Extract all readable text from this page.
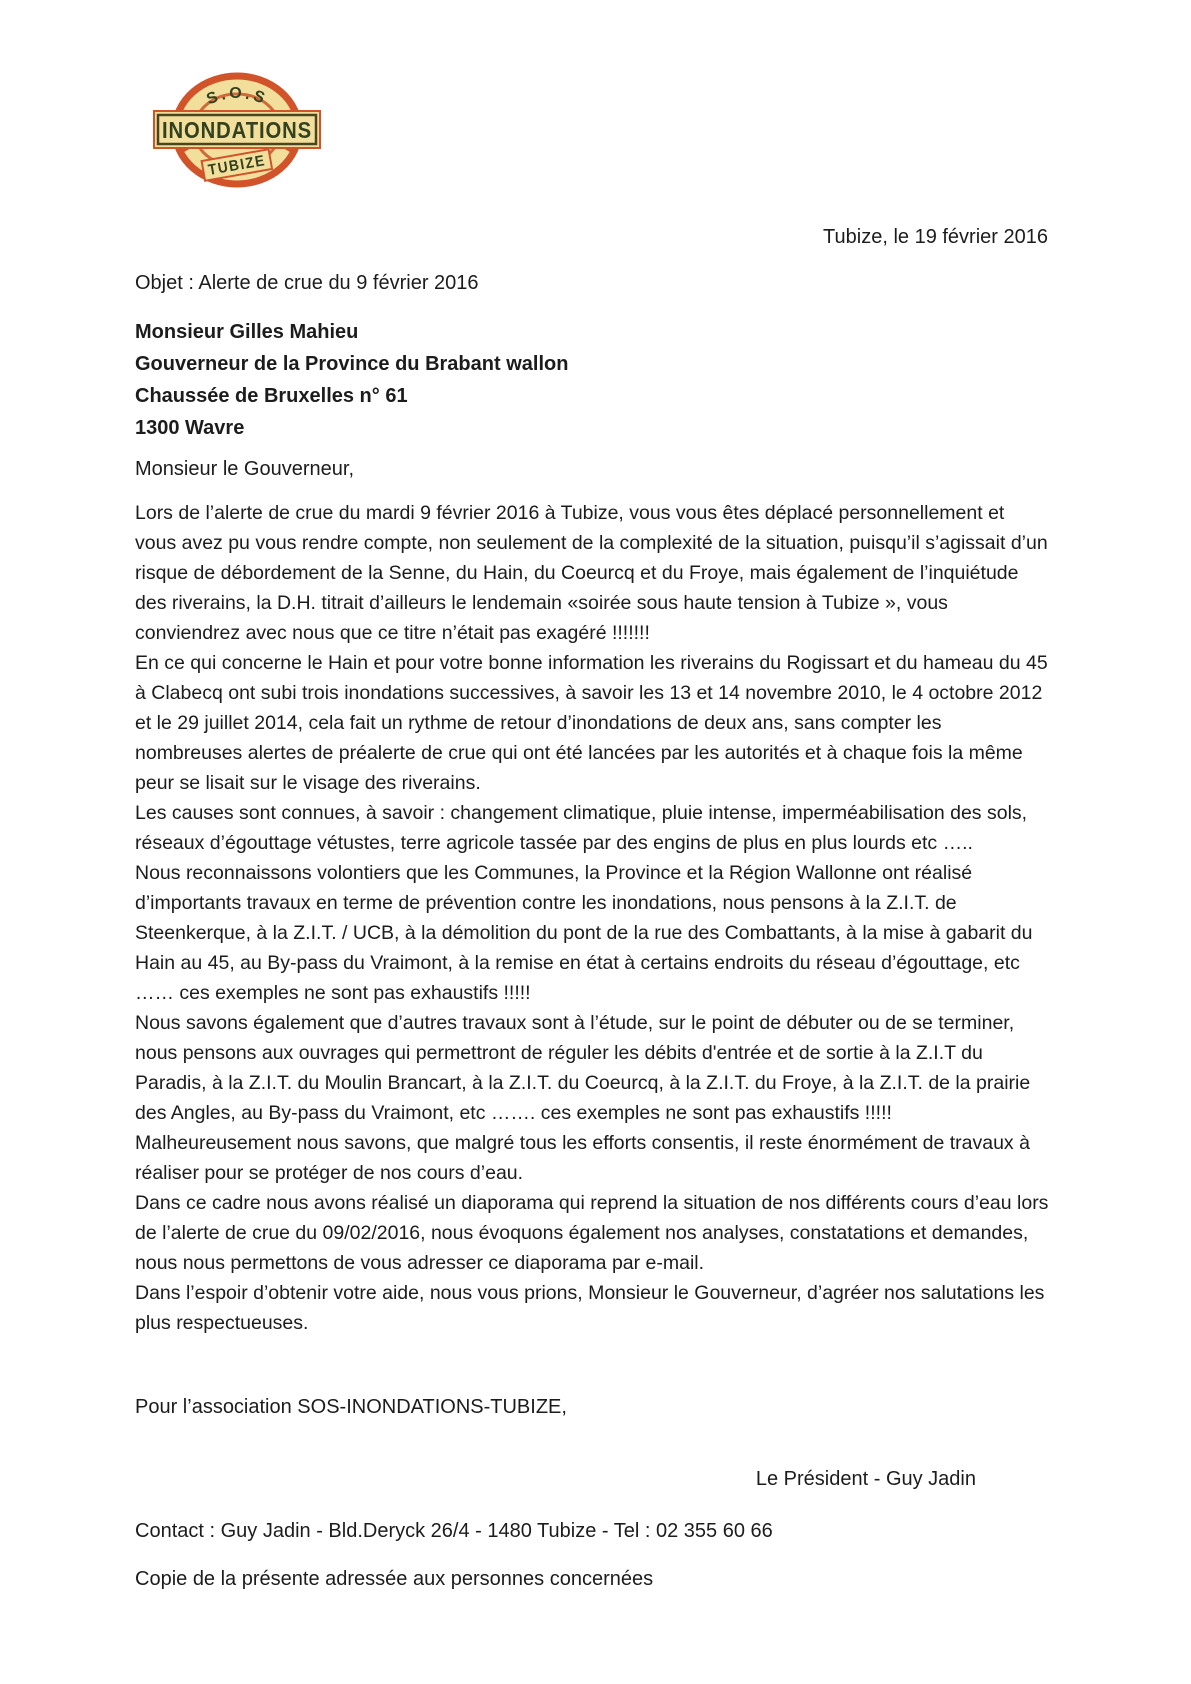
S.O.S
INONDATIONS
TUBIZE
Tubize, le 19 février 2016
Objet : Alerte de crue du 9 février 2016
Monsieur Gilles Mahieu
Gouverneur de la Province du Brabant wallon
Chaussée de Bruxelles n° 61
1300 Wavre
Monsieur le Gouverneur,

Lors de l’alerte de crue du mardi 9 février 2016 à Tubize, vous vous êtes déplacé personnellement et vous avez pu vous rendre compte, non seulement de la complexité de la situation, puisqu’il s’agissait d’un risque de débordement de la Senne, du Hain, du Coeurcq et du Froye, mais également de l’inquiétude des riverains, la D.H. titrait d’ailleurs le lendemain «soirée sous haute tension à Tubize », vous conviendrez avec nous que ce titre n’était pas exagéré !!!!!!!

En ce qui concerne le Hain et pour votre bonne information les riverains du Rogissart et du hameau du 45 à Clabecq ont subi trois inondations successives, à savoir les 13 et 14 novembre 2010, le 4 octobre 2012 et le 29 juillet 2014, cela fait un rythme de retour d’inondations de deux ans, sans compter les nombreuses alertes de préalerte de crue qui ont été lancées par les autorités et à chaque fois la même peur se lisait sur le visage des riverains.

Les causes sont connues, à savoir : changement climatique, pluie intense, imperméabilisation des sols, réseaux d’égouttage vétustes, terre agricole tassée par des engins de plus en plus lourds etc …..

Nous reconnaissons volontiers que les Communes, la Province et la Région Wallonne ont réalisé d’importants travaux en terme de prévention contre les inondations, nous pensons à la Z.I.T. de Steenkerque, à la Z.I.T. / UCB, à la démolition du pont de la rue des Combattants, à la mise à gabarit du Hain au 45, au By-pass du Vraimont, à la remise en état à certains endroits du réseau d’égouttage, etc …… ces exemples ne sont pas exhaustifs !!!!!

Nous savons également que d’autres travaux sont à l’étude, sur le point de débuter ou de se terminer, nous pensons aux ouvrages qui permettront de réguler les débits d'entrée et de sortie à la Z.I.T du Paradis, à la Z.I.T. du Moulin Brancart, à la Z.I.T. du Coeurcq, à la Z.I.T. du Froye, à la Z.I.T. de la prairie des Angles, au By-pass du Vraimont, etc ……. ces exemples ne sont pas exhaustifs !!!!!

Malheureusement nous savons, que malgré tous les efforts consentis, il reste énormément de travaux à réaliser pour se protéger de nos cours d’eau.

Dans ce cadre nous avons réalisé un diaporama qui reprend la situation de nos différents cours d’eau lors de l’alerte de crue du 09/02/2016, nous évoquons également nos analyses, constatations et demandes, nous nous permettons de vous adresser ce diaporama par e-mail.

Dans l’espoir d’obtenir votre aide, nous vous prions, Monsieur le Gouverneur, d’agréer nos salutations les plus respectueuses.

Pour l’association SOS-INONDATIONS-TUBIZE,
Le Président - Guy Jadin
Contact : Guy Jadin - Bld.Deryck 26/4 - 1480 Tubize - Tel : 02 355 60 66
Copie de la présente adressée aux personnes concernées
